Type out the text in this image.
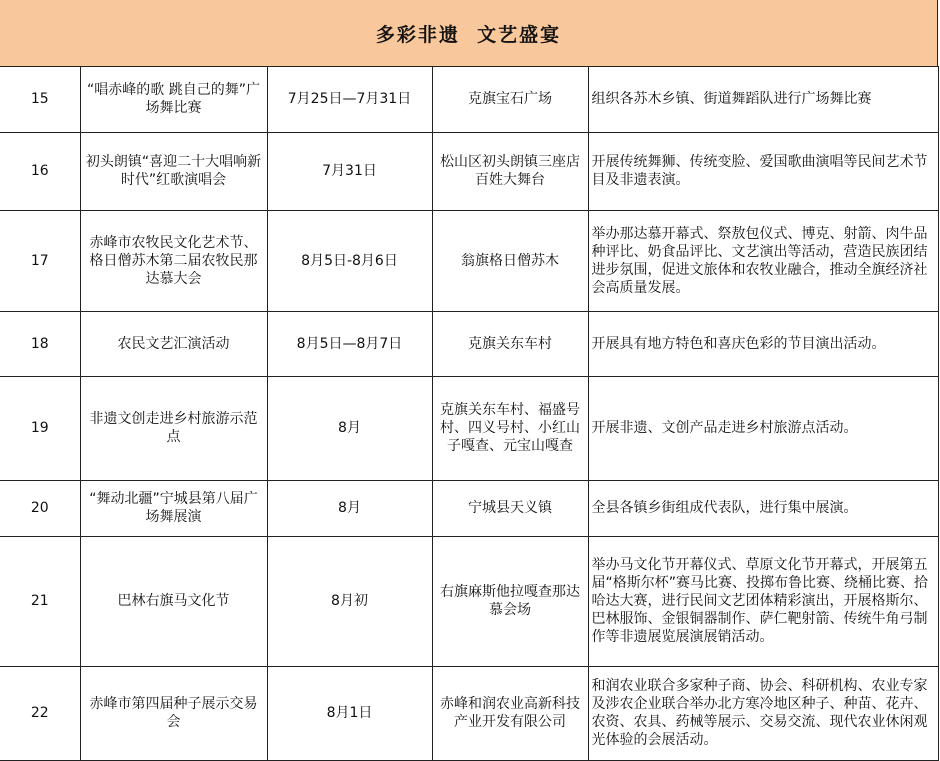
多彩非遗  文艺盛宴
15	“唱赤峰的歌 跳自己的舞”广场舞比赛	7月25日—7月31日	克旗宝石广场	组织各苏木乡镇、街道舞蹈队进行广场舞比赛
16	初头朗镇“喜迎二十大唱响新时代”红歌演唱会	7月31日	松山区初头朗镇三座店百姓大舞台	开展传统舞狮、传统变脸、爱国歌曲演唱等民间艺术节目及非遗表演。
17	赤峰市农牧民文化艺术节、格日僧苏木第二届农牧民那达慕大会	8月5日-8月6日	翁旗格日僧苏木	举办那达慕开幕式、祭敖包仪式、博克、射箭、肉牛品种评比、奶食品评比、文艺演出等活动，营造民族团结进步氛围，促进文旅体和农牧业融合，推动全旗经济社会高质量发展。
18	农民文艺汇演活动	8月5日—8月7日	克旗关东车村	开展具有地方特色和喜庆色彩的节目演出活动。
19	非遗文创走进乡村旅游示范点	8月	克旗关东车村、福盛号村、四义号村、小红山子嘎查、元宝山嘎查	开展非遗、文创产品走进乡村旅游点活动。
20	“舞动北疆”宁城县第八届广场舞展演	8月	宁城县天义镇	全县各镇乡街组成代表队，进行集中展演。
21	巴林右旗马文化节	8月初	右旗麻斯他拉嘎查那达慕会场	举办马文化节开幕仪式、草原文化节开幕式，开展第五届“格斯尔杯”赛马比赛、投掷布鲁比赛、绕桶比赛、拾哈达大赛，进行民间文艺团体精彩演出，开展格斯尔、巴林服饰、金银铜器制作、萨仁靶射箭、传统牛角弓制作等非遗展览展演展销活动。
22	赤峰市第四届种子展示交易会	8月1日	赤峰和润农业高新科技产业开发有限公司	和润农业联合多家种子商、协会、科研机构、农业专家及涉农企业联合举办北方寒冷地区种子、种苗、花卉、农资、农具、药械等展示、交易交流、现代农业休闲观光体验的会展活动。
